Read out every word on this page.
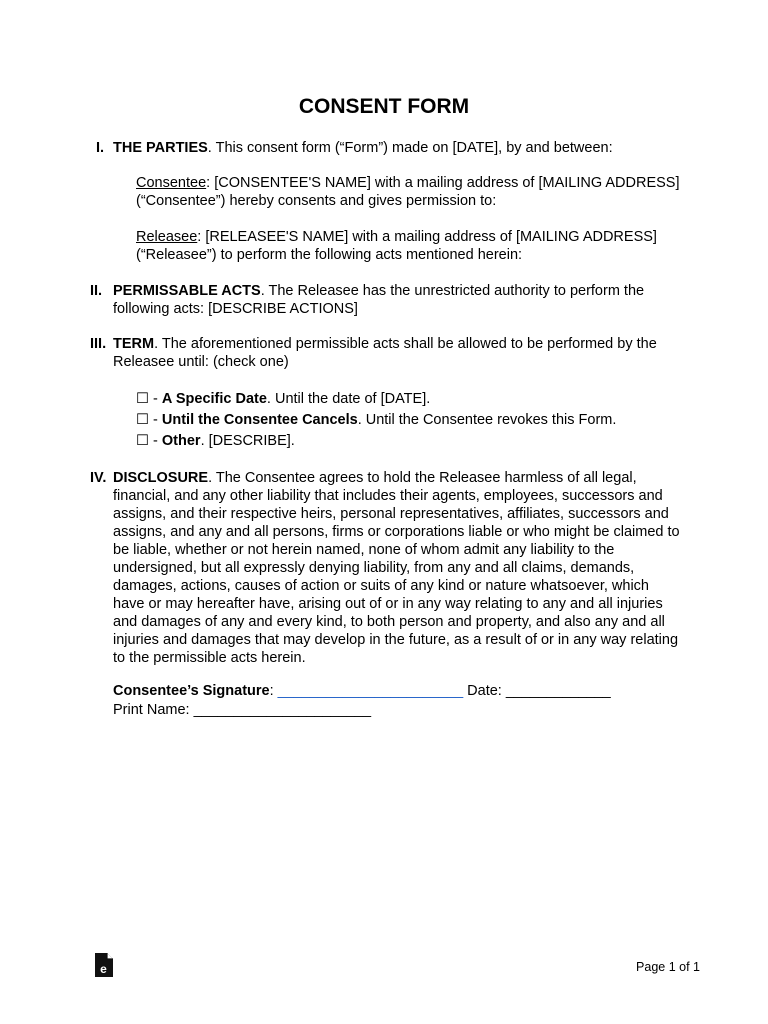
CONSENT FORM
I. THE PARTIES. This consent form (“Form”) made on [DATE], by and between:
Consentee: [CONSENTEE'S NAME] with a mailing address of [MAILING ADDRESS] (“Consentee”) hereby consents and gives permission to:
Releasee: [RELEASEE'S NAME] with a mailing address of [MAILING ADDRESS] (“Releasee”) to perform the following acts mentioned herein:
II. PERMISSABLE ACTS. The Releasee has the unrestricted authority to perform the following acts: [DESCRIBE ACTIONS]
III. TERM. The aforementioned permissible acts shall be allowed to be performed by the Releasee until: (check one)
☐ - A Specific Date. Until the date of [DATE].
☐ - Until the Consentee Cancels. Until the Consentee revokes this Form.
☐ - Other. [DESCRIBE].
IV. DISCLOSURE. The Consentee agrees to hold the Releasee harmless of all legal, financial, and any other liability that includes their agents, employees, successors and assigns, and their respective heirs, personal representatives, affiliates, successors and assigns, and any and all persons, firms or corporations liable or who might be claimed to be liable, whether or not herein named, none of whom admit any liability to the undersigned, but all expressly denying liability, from any and all claims, demands, damages, actions, causes of action or suits of any kind or nature whatsoever, which have or may hereafter have, arising out of or in any way relating to any and all injuries and damages of any and every kind, to both person and property, and also any and all injuries and damages that may develop in the future, as a result of or in any way relating to the permissible acts herein.
Consentee’s Signature: _______________________ Date: _____________
Print Name: ______________________
e	Page 1 of 1
